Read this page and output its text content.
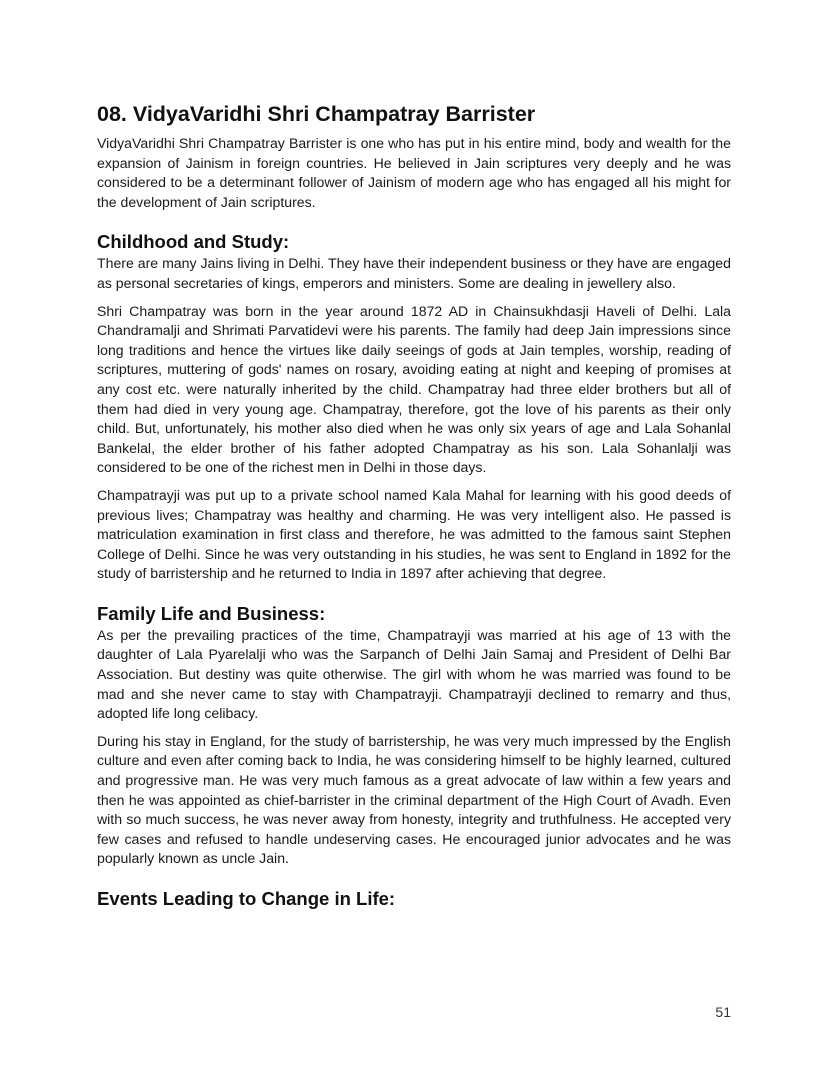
08. VidyaVaridhi Shri Champatray Barrister

VidyaVaridhi Shri Champatray Barrister is one who has put in his entire mind, body and wealth for the expansion of Jainism in foreign countries. He believed in Jain scriptures very deeply and he was considered to be a determinant follower of Jainism of modern age who has engaged all his might for the development of Jain scriptures.

Childhood and Study:

There are many Jains living in Delhi. They have their independent business or they have are engaged as personal secretaries of kings, emperors and ministers. Some are dealing in jewellery also.

Shri Champatray was born in the year around 1872 AD in Chainsukhdasji Haveli of Delhi. Lala Chandramalji and Shrimati Parvatidevi were his parents. The family had deep Jain impressions since long traditions and hence the virtues like daily seeings of gods at Jain temples, worship, reading of scriptures, muttering of gods' names on rosary, avoiding eating at night and keeping of promises at any cost etc. were naturally inherited by the child. Champatray had three elder brothers but all of them had died in very young age. Champatray, therefore, got the love of his parents as their only child. But, unfortunately, his mother also died when he was only six years of age and Lala Sohanlal Bankelal, the elder brother of his father adopted Champatray as his son. Lala Sohanlalji was considered to be one of the richest men in Delhi in those days.

Champatrayji was put up to a private school named Kala Mahal for learning with his good deeds of previous lives; Champatray was healthy and charming. He was very intelligent also. He passed is matriculation examination in first class and therefore, he was admitted to the famous saint Stephen College of Delhi. Since he was very outstanding in his studies, he was sent to England in 1892 for the study of barristership and he returned to India in 1897 after achieving that degree.

Family Life and Business:

As per the prevailing practices of the time, Champatrayji was married at his age of 13 with the daughter of Lala Pyarelalji who was the Sarpanch of Delhi Jain Samaj and President of Delhi Bar Association. But destiny was quite otherwise. The girl with whom he was married was found to be mad and she never came to stay with Champatrayji. Champatrayji declined to remarry and thus, adopted life long celibacy.

During his stay in England, for the study of barristership, he was very much impressed by the English culture and even after coming back to India, he was considering himself to be highly learned, cultured and progressive man. He was very much famous as a great advocate of law within a few years and then he was appointed as chief-barrister in the criminal department of the High Court of Avadh. Even with so much success, he was never away from honesty, integrity and truthfulness. He accepted very few cases and refused to handle undeserving cases. He encouraged junior advocates and he was popularly known as uncle Jain.

Events Leading to Change in Life:
51
